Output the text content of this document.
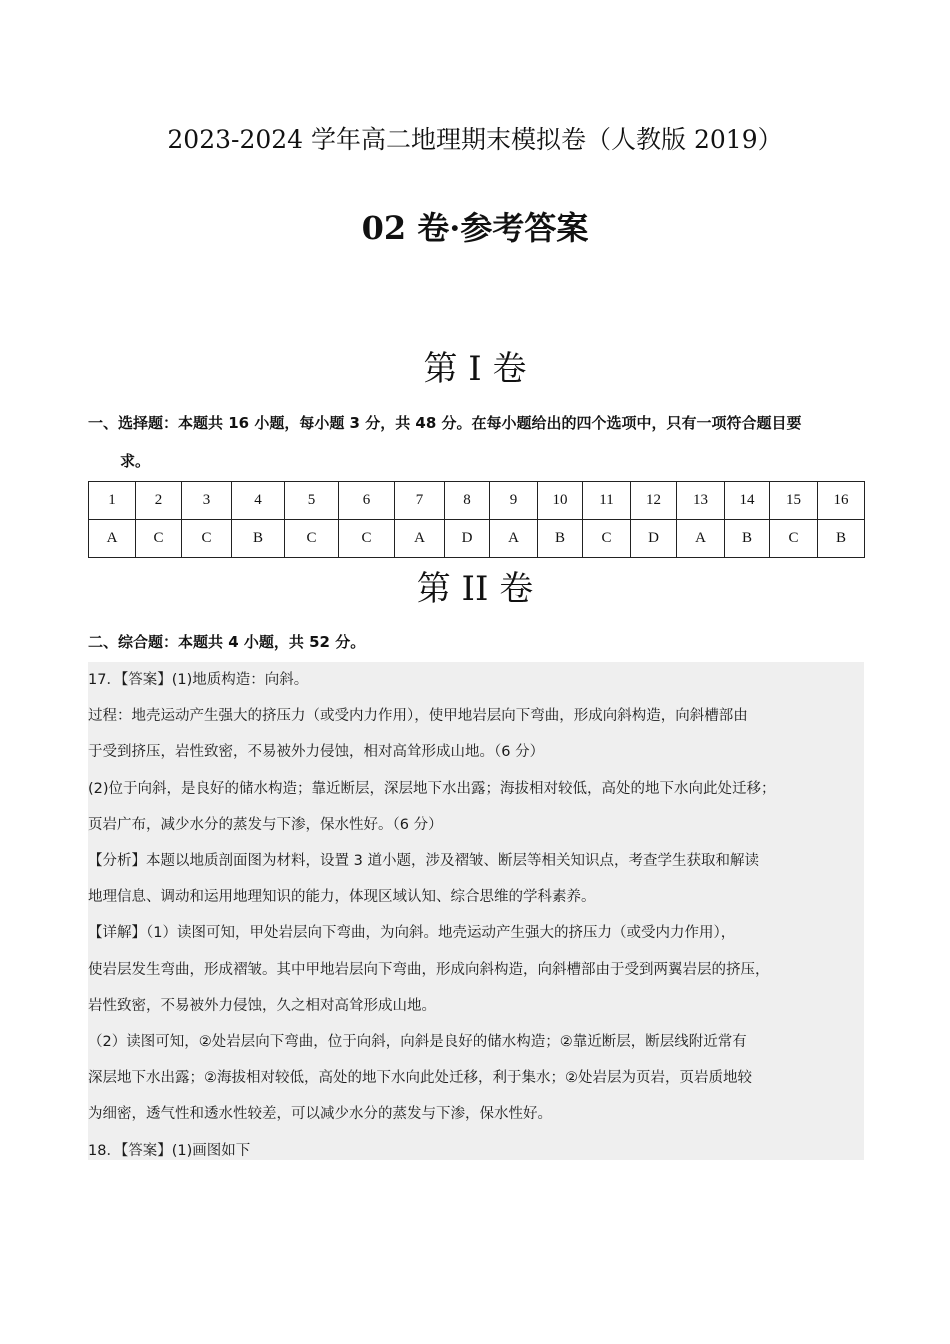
2023-2024 学年高二地理期末模拟卷（人教版 2019）
02 卷·参考答案
第 I 卷
一、选择题：本题共 16 小题，每小题 3 分，共 48 分。在每小题给出的四个选项中，只有一项符合题目要
求。
1	2	3	4	5	6	7	8	9	10	11	12	13	14	15	16
A	C	C	B	C	C	A	D	A	B	C	D	A	B	C	B
第 II 卷
二、综合题：本题共 4 小题，共 52 分。

17．【答案】(1)地质构造：向斜。

过程：地壳运动产生强大的挤压力（或受内力作用），使甲地岩层向下弯曲，形成向斜构造，向斜槽部由

于受到挤压，岩性致密，不易被外力侵蚀，相对高耸形成山地。（6 分）

(2)位于向斜，是良好的储水构造；靠近断层，深层地下水出露；海拔相对较低，高处的地下水向此处迁移；

页岩广布，减少水分的蒸发与下渗，保水性好。（6 分）

【分析】本题以地质剖面图为材料，设置 3 道小题，涉及褶皱、断层等相关知识点，考查学生获取和解读

地理信息、调动和运用地理知识的能力，体现区域认知、综合思维的学科素养。

【详解】（1）读图可知，甲处岩层向下弯曲，为向斜。地壳运动产生强大的挤压力（或受内力作用），

使岩层发生弯曲，形成褶皱。其中甲地岩层向下弯曲，形成向斜构造，向斜槽部由于受到两翼岩层的挤压，

岩性致密，不易被外力侵蚀，久之相对高耸形成山地。

（2）读图可知，②处岩层向下弯曲，位于向斜，向斜是良好的储水构造；②靠近断层，断层线附近常有

深层地下水出露；②海拔相对较低，高处的地下水向此处迁移，利于集水；②处岩层为页岩，页岩质地较

为细密，透气性和透水性较差，可以减少水分的蒸发与下渗，保水性好。

18．【答案】(1)画图如下
